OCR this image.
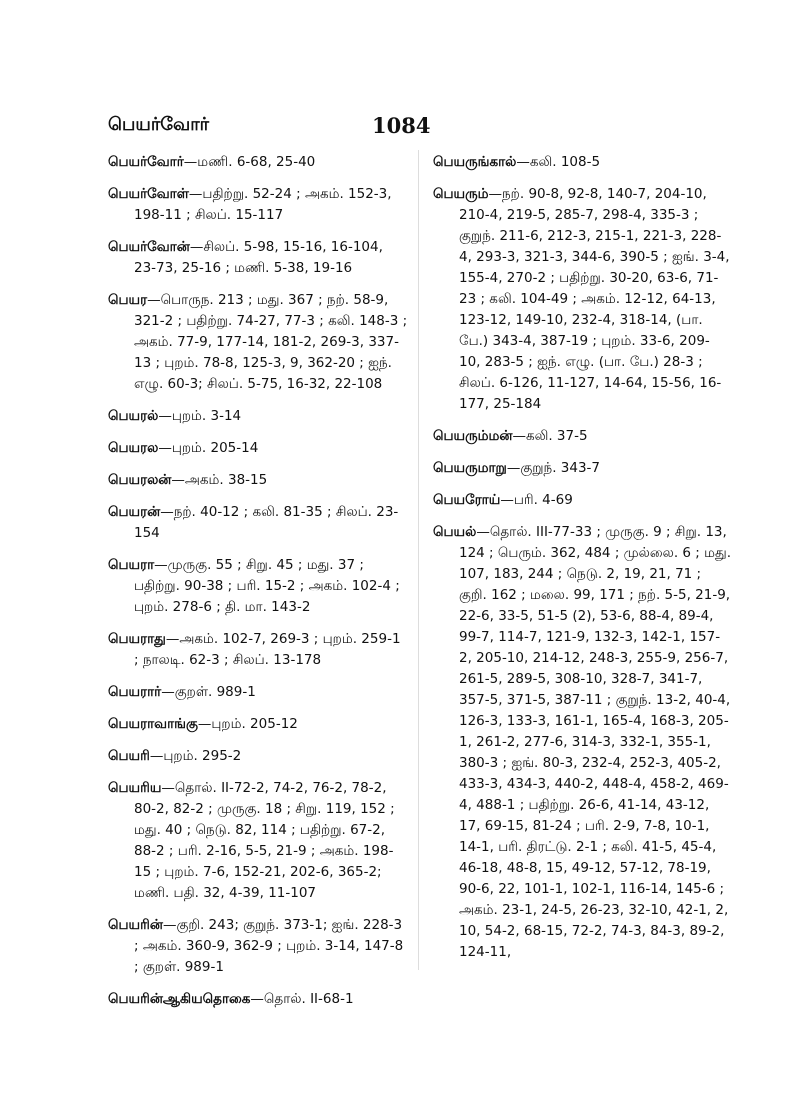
பெயர்வோர்	1084

பெயர்வோர்—மணி. 6-68, 25-40

பெயர்வோள்—பதிற்று. 52-24 ; அகம். 152-3, 198-11 ; சிலப். 15-117

பெயர்வோன்—சிலப். 5-98, 15-16, 16-104, 23-73, 25-16 ; மணி. 5-38, 19-16

பெயர—பொருந. 213 ; மது. 367 ; நற். 58-9, 321-2 ; பதிற்று. 74-27, 77-3 ; கலி. 148-3 ; அகம். 77-9, 177-14, 181-2, 269-3, 337-13 ; புறம். 78-8, 125-3, 9, 362-20 ; ஐந். எழு. 60-3; சிலப். 5-75, 16-32, 22-108

பெயரல்—புறம். 3-14

பெயரல—புறம். 205-14

பெயரலன்—அகம். 38-15

பெயரன்—நற். 40-12 ; கலி. 81-35 ; சிலப். 23-154

பெயரா—முருகு. 55 ; சிறு. 45 ; மது. 37 ; பதிற்று. 90-38 ; பரி. 15-2 ; அகம். 102-4 ; புறம். 278-6 ; தி. மா. 143-2

பெயராது—அகம். 102-7, 269-3 ; புறம். 259-1 ; நாலடி. 62-3 ; சிலப். 13-178

பெயரார்—குறள். 989-1

பெயராவாங்கு—புறம். 205-12

பெயரி—புறம். 295-2

பெயரிய—தொல். II-72-2, 74-2, 76-2, 78-2, 80-2, 82-2 ; முருகு. 18 ; சிறு. 119, 152 ; மது. 40 ; நெடு. 82, 114 ; பதிற்று. 67-2, 88-2 ; பரி. 2-16, 5-5, 21-9 ; அகம். 198-15 ; புறம். 7-6, 152-21, 202-6, 365-2; மணி. பதி. 32, 4-39, 11-107

பெயரின்—குறி. 243; குறுந். 373-1; ஐங். 228-3 ; அகம். 360-9, 362-9 ; புறம். 3-14, 147-8 ; குறள். 989-1

பெயரின்ஆகியதொகை—தொல். II-68-1

பெயருங்கால்—கலி. 108-5

பெயரும்—நற். 90-8, 92-8, 140-7, 204-10, 210-4, 219-5, 285-7, 298-4, 335-3 ; குறுந். 211-6, 212-3, 215-1, 221-3, 228-4, 293-3, 321-3, 344-6, 390-5 ; ஐங். 3-4, 155-4, 270-2 ; பதிற்று. 30-20, 63-6, 71-23 ; கலி. 104-49 ; அகம். 12-12, 64-13, 123-12, 149-10, 232-4, 318-14, (பா. பே.) 343-4, 387-19 ; புறம். 33-6, 209-10, 283-5 ; ஐந். எழு. (பா. பே.) 28-3 ; சிலப். 6-126, 11-127, 14-64, 15-56, 16-177, 25-184

பெயரும்மன்—கலி. 37-5

பெயருமாறு—குறுந். 343-7

பெயரோய்—பரி. 4-69

பெயல்—தொல். III-77-33 ; முருகு. 9 ; சிறு. 13, 124 ; பெரும். 362, 484 ; முல்லை. 6 ; மது. 107, 183, 244 ; நெடு. 2, 19, 21, 71 ; குறி. 162 ; மலை. 99, 171 ; நற். 5-5, 21-9, 22-6, 33-5, 51-5 (2), 53-6, 88-4, 89-4, 99-7, 114-7, 121-9, 132-3, 142-1, 157-2, 205-10, 214-12, 248-3, 255-9, 256-7, 261-5, 289-5, 308-10, 328-7, 341-7, 357-5, 371-5, 387-11 ; குறுந். 13-2, 40-4, 126-3, 133-3, 161-1, 165-4, 168-3, 205-1, 261-2, 277-6, 314-3, 332-1, 355-1, 380-3 ; ஐங். 80-3, 232-4, 252-3, 405-2, 433-3, 434-3, 440-2, 448-4, 458-2, 469-4, 488-1 ; பதிற்று. 26-6, 41-14, 43-12, 17, 69-15, 81-24 ; பரி. 2-9, 7-8, 10-1, 14-1, பரி. திரட்டு. 2-1 ; கலி. 41-5, 45-4, 46-18, 48-8, 15, 49-12, 57-12, 78-19, 90-6, 22, 101-1, 102-1, 116-14, 145-6 ; அகம். 23-1, 24-5, 26-23, 32-10, 42-1, 2, 10, 54-2, 68-15, 72-2, 74-3, 84-3, 89-2, 124-11,
